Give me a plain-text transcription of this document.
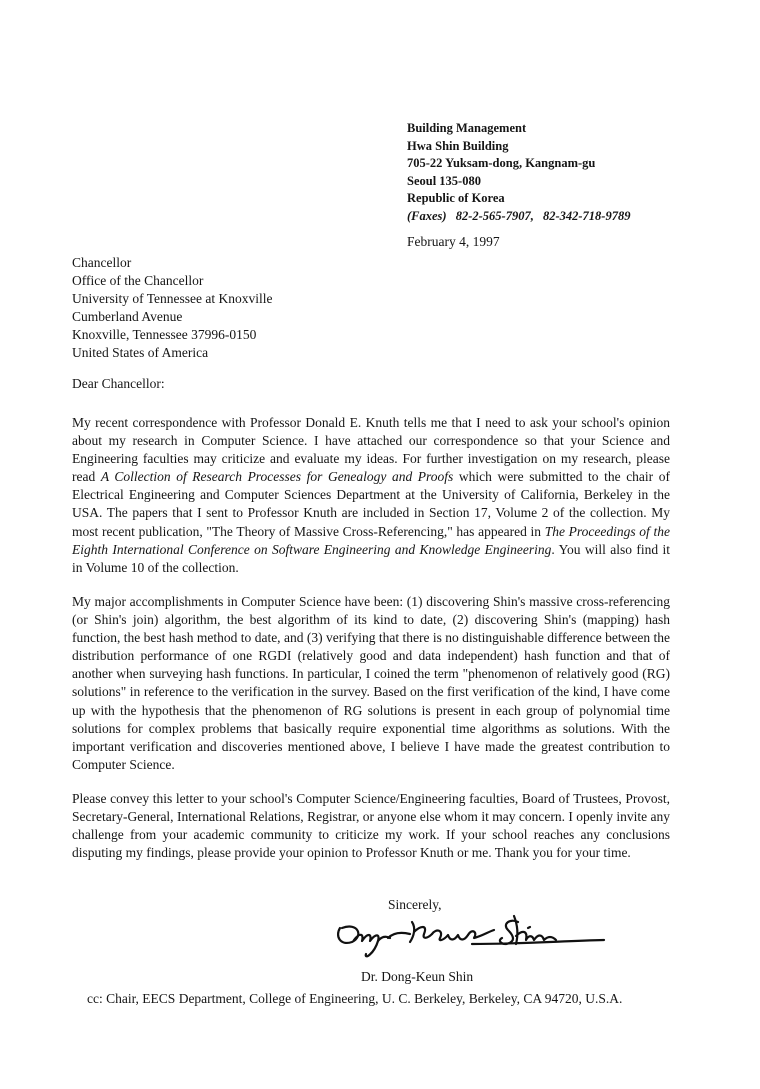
Building Management
Hwa Shin Building
705-22 Yuksam-dong, Kangnam-gu
Seoul 135-080
Republic of Korea
(Faxes) 82-2-565-7907, 82-342-718-9789
February 4, 1997
Chancellor
Office of the Chancellor
University of Tennessee at Knoxville
Cumberland Avenue
Knoxville, Tennessee 37996-0150
United States of America
Dear Chancellor:

My recent correspondence with Professor Donald E. Knuth tells me that I need to ask your school's opinion about my research in Computer Science. I have attached our correspondence so that your Science and Engineering faculties may criticize and evaluate my ideas. For further investigation on my research, please read A Collection of Research Processes for Genealogy and Proofs which were submitted to the chair of Electrical Engineering and Computer Sciences Department at the University of California, Berkeley in the USA. The papers that I sent to Professor Knuth are included in Section 17, Volume 2 of the collection. My most recent publication, "The Theory of Massive Cross-Referencing," has appeared in The Proceedings of the Eighth International Conference on Software Engineering and Knowledge Engineering. You will also find it in Volume 10 of the collection.

My major accomplishments in Computer Science have been: (1) discovering Shin's massive cross-referencing (or Shin's join) algorithm, the best algorithm of its kind to date, (2) discovering Shin's (mapping) hash function, the best hash method to date, and (3) verifying that there is no distinguishable difference between the distribution performance of one RGDI (relatively good and data independent) hash function and that of another when surveying hash functions. In particular, I coined the term "phenomenon of relatively good (RG) solutions" in reference to the verification in the survey. Based on the first verification of the kind, I have come up with the hypothesis that the phenomenon of RG solutions is present in each group of polynomial time solutions for complex problems that basically require exponential time algorithms as solutions. With the important verification and discoveries mentioned above, I believe I have made the greatest contribution to Computer Science.

Please convey this letter to your school's Computer Science/Engineering faculties, Board of Trustees, Provost, Secretary-General, International Relations, Registrar, or anyone else whom it may concern. I openly invite any challenge from your academic community to criticize my work. If your school reaches any conclusions disputing my findings, please provide your opinion to Professor Knuth or me. Thank you for your time.

Sincerely,
Dr. Dong-Keun Shin
cc: Chair, EECS Department, College of Engineering, U. C. Berkeley, Berkeley, CA 94720, U.S.A.
